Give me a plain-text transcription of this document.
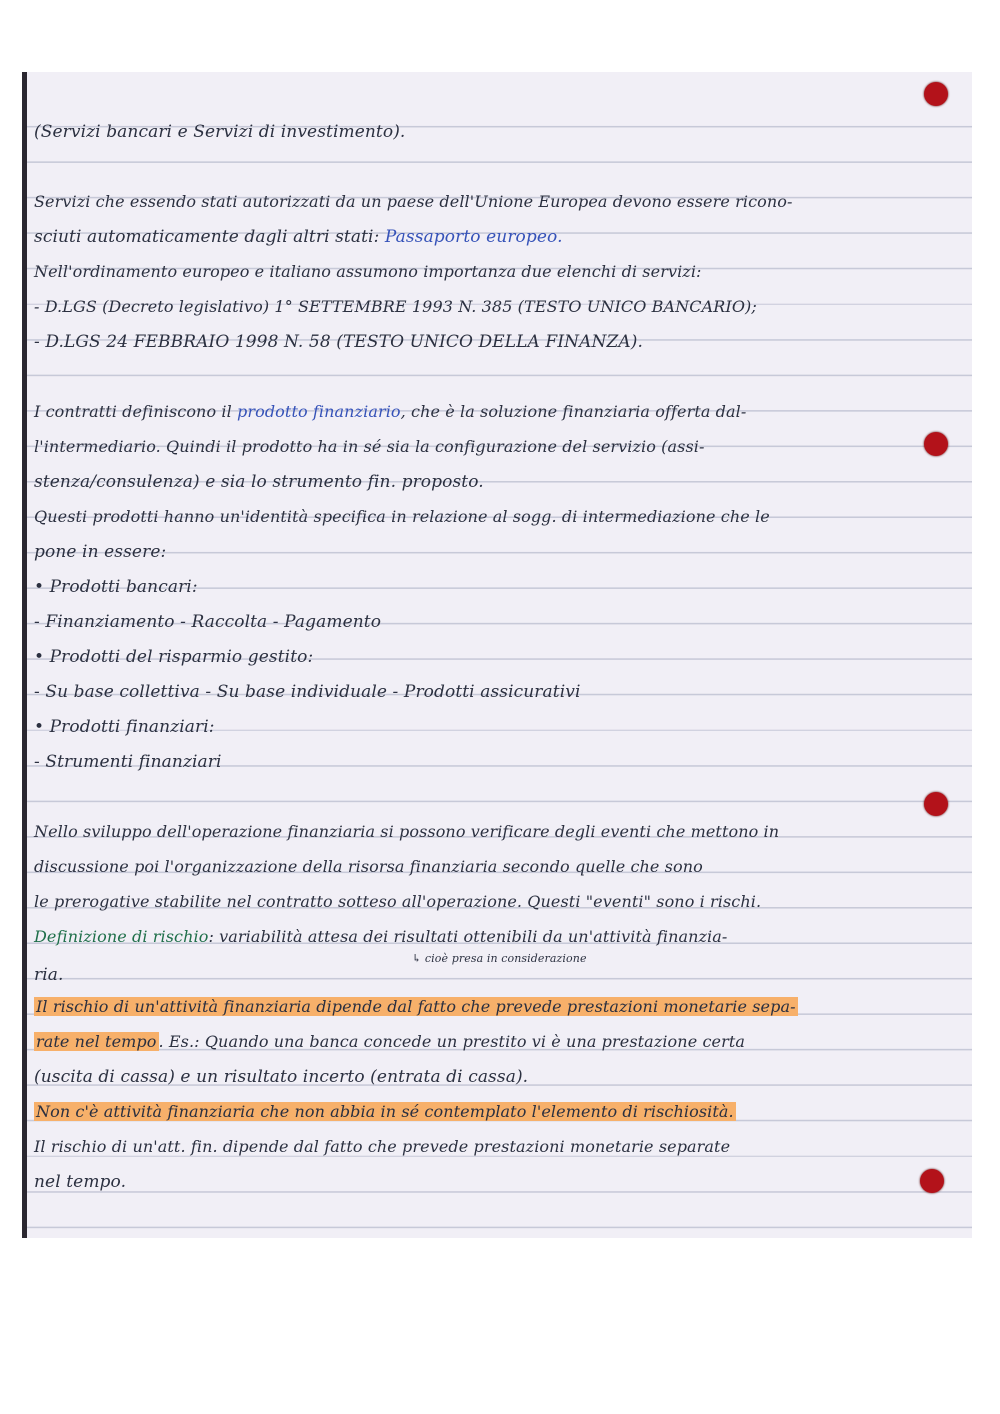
(Servizi bancari e Servizi di investimento).
Servizi che essendo stati autorizzati da un paese dell'Unione Europea devono essere ricono-
sciuti automaticamente dagli altri stati: Passaporto europeo.
Nell'ordinamento europeo e italiano assumono importanza due elenchi di servizi:
- D.LGS (Decreto legislativo) 1° SETTEMBRE 1993 N. 385 (TESTO UNICO BANCARIO);
- D.LGS 24 FEBBRAIO 1998 N. 58 (TESTO UNICO DELLA FINANZA).
I contratti definiscono il prodotto finanziario, che è la soluzione finanziaria offerta dal-
l'intermediario. Quindi il prodotto ha in sé sia la configurazione del servizio (assi-
stenza/consulenza) e sia lo strumento fin. proposto.
Questi prodotti hanno un'identità specifica in relazione al sogg. di intermediazione che le
pone in essere:
• Prodotti bancari:
- Finanziamento - Raccolta - Pagamento
• Prodotti del risparmio gestito:
- Su base collettiva - Su base individuale - Prodotti assicurativi
• Prodotti finanziari:
- Strumenti finanziari
Nello sviluppo dell'operazione finanziaria si possono verificare degli eventi che mettono in
discussione poi l'organizzazione della risorsa finanziaria secondo quelle che sono
le prerogative stabilite nel contratto sotteso all'operazione. Questi "eventi" sono i rischi.
Definizione di rischio: variabilità attesa dei risultati ottenibili da un'attività finanzia-
↳ cioè presa in considerazione
ria.
Il rischio di un'attività finanziaria dipende dal fatto che prevede prestazioni monetarie sepa-
rate nel tempo . Es.: Quando una banca concede un prestito vi è una prestazione certa
(uscita di cassa) e un risultato incerto (entrata di cassa).
Non c'è attività finanziaria che non abbia in sé contemplato l'elemento di rischiosità.
Il rischio di un'att. fin. dipende dal fatto che prevede prestazioni monetarie separate
nel tempo.
